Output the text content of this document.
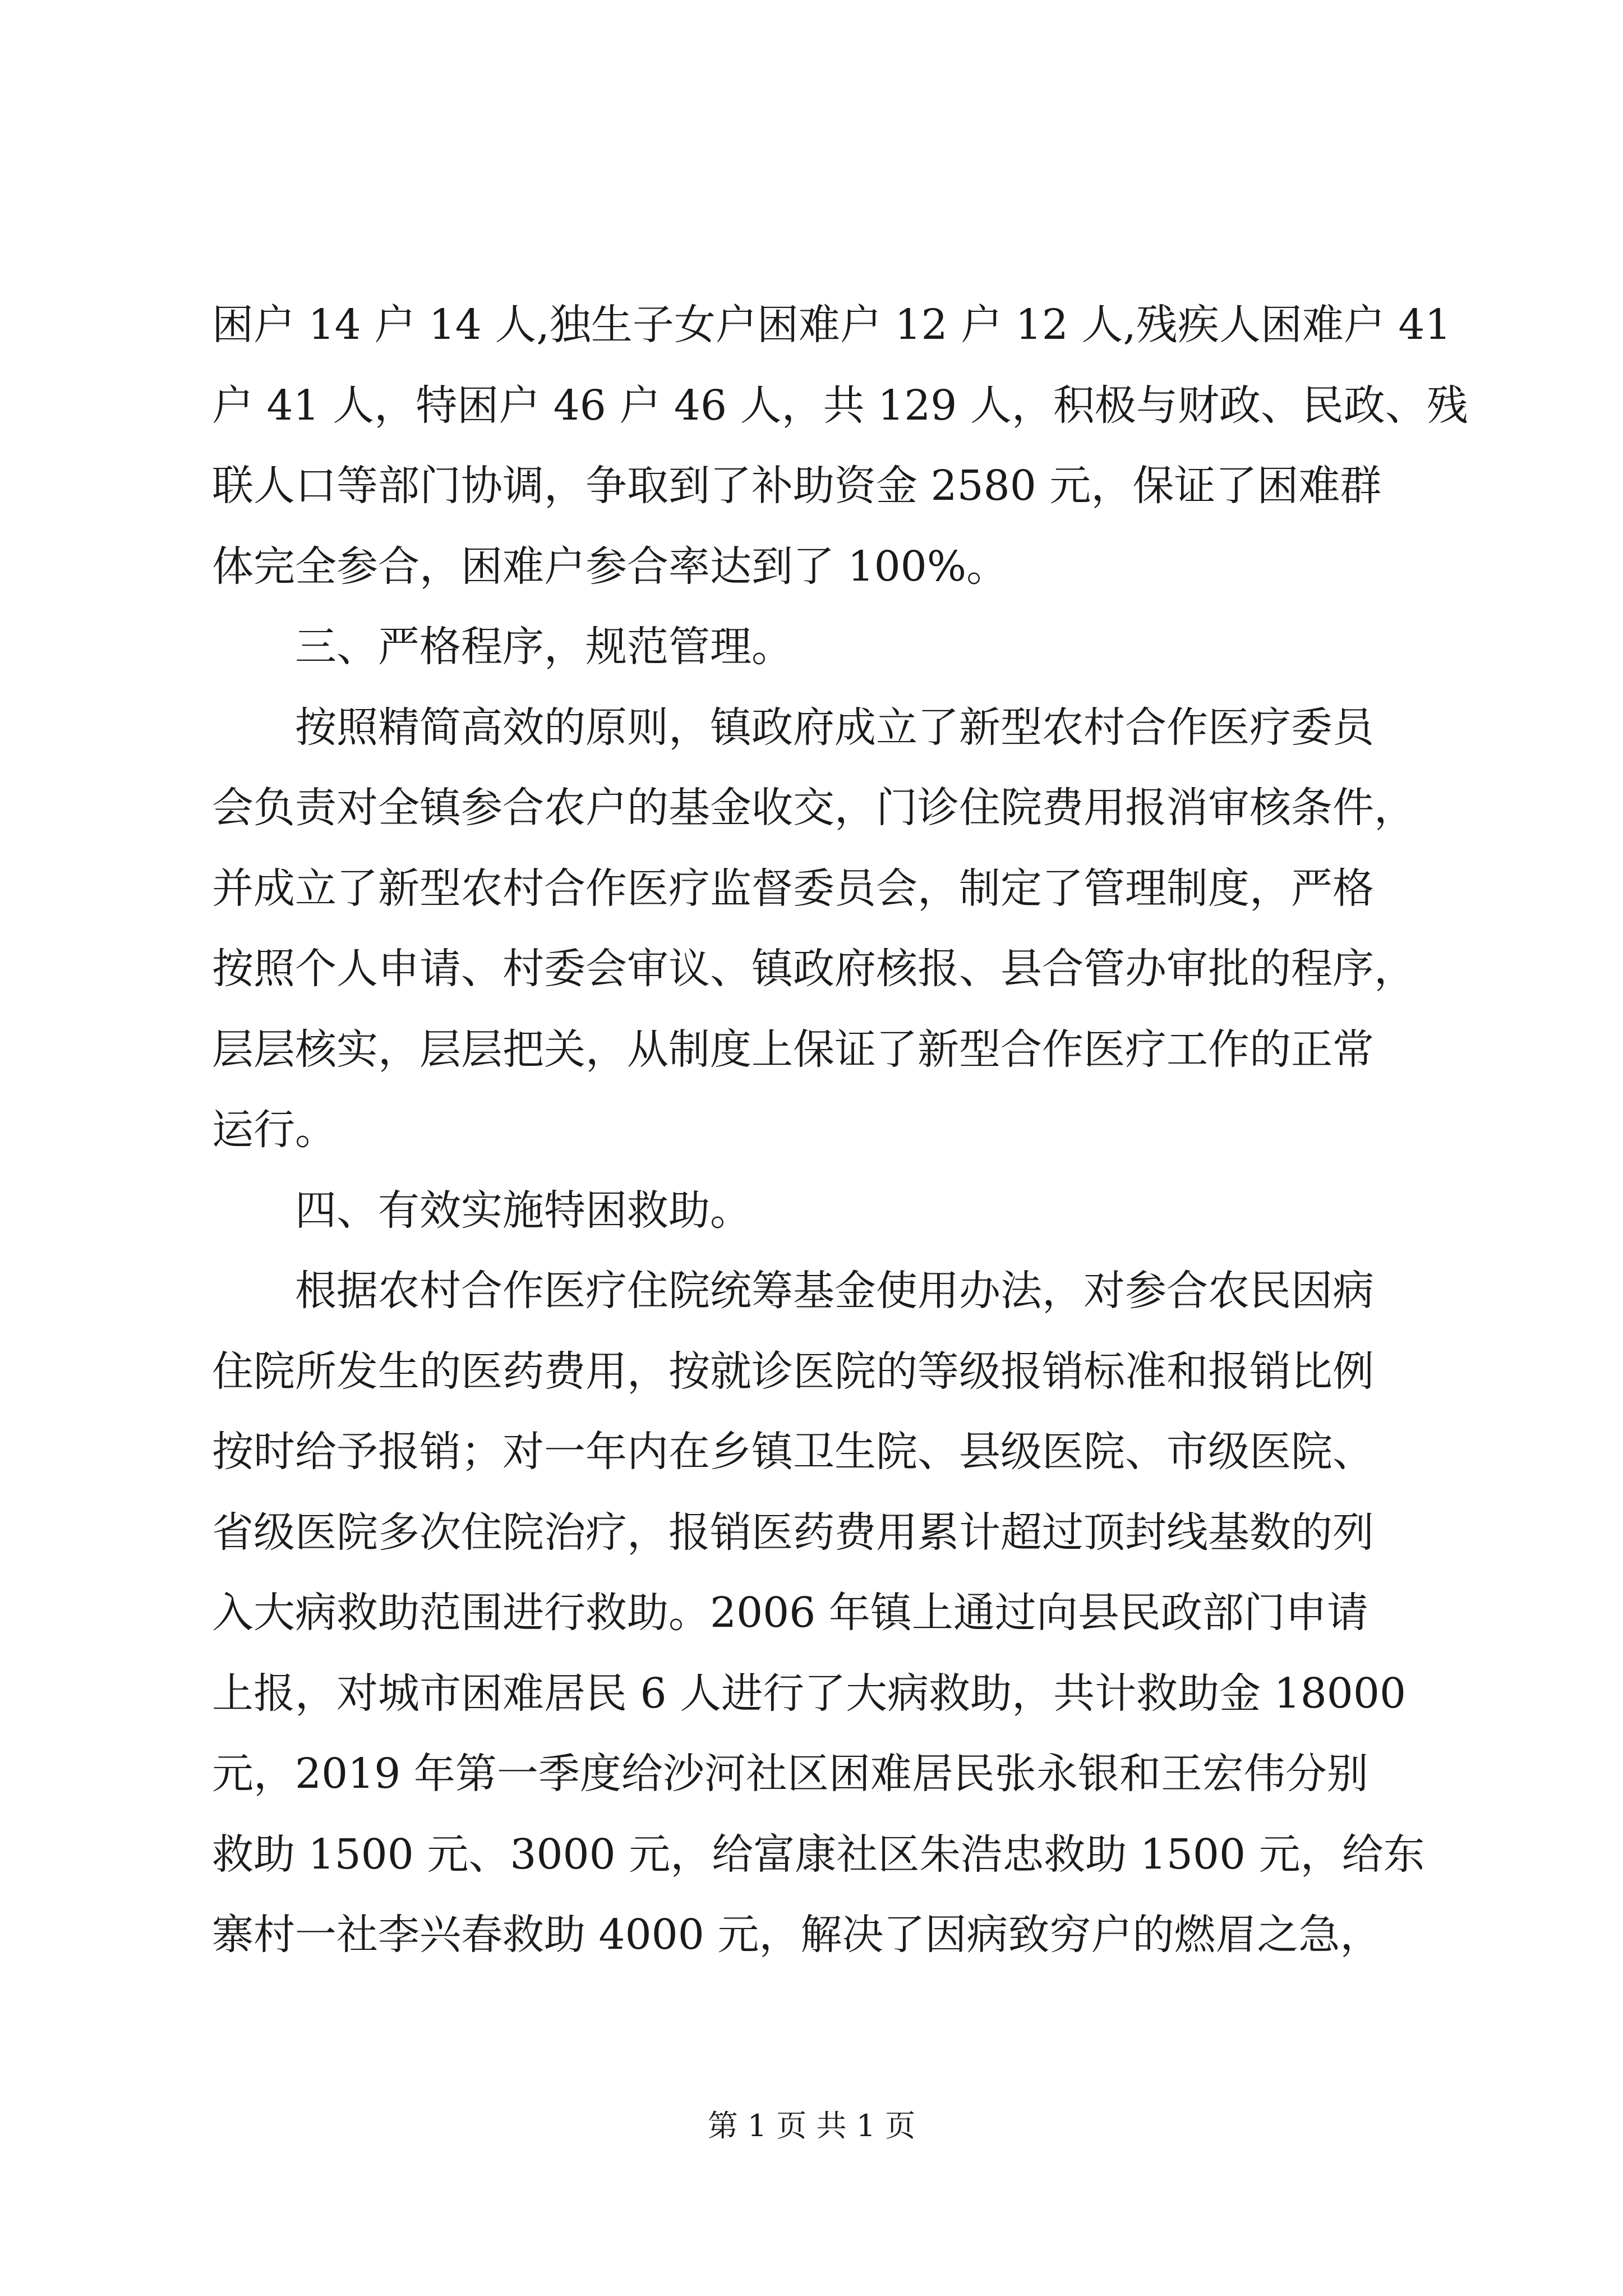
困户 14 户 14 人,独生子女户困难户 12 户 12 人,残疾人困难户 41
户 41 人，特困户 46 户 46 人，共 129 人，积极与财政、民政、残
联人口等部门协调，争取到了补助资金 2580 元，保证了困难群
体完全参合，困难户参合率达到了 100%。
　　三、严格程序，规范管理。
　　按照精简高效的原则，镇政府成立了新型农村合作医疗委员
会负责对全镇参合农户的基金收交，门诊住院费用报消审核条件，
并成立了新型农村合作医疗监督委员会，制定了管理制度，严格
按照个人申请、村委会审议、镇政府核报、县合管办审批的程序，
层层核实，层层把关，从制度上保证了新型合作医疗工作的正常
运行。
　　四、有效实施特困救助。
　　根据农村合作医疗住院统筹基金使用办法，对参合农民因病
住院所发生的医药费用，按就诊医院的等级报销标准和报销比例
按时给予报销；对一年内在乡镇卫生院、县级医院、市级医院、
省级医院多次住院治疗，报销医药费用累计超过顶封线基数的列
入大病救助范围进行救助。2006 年镇上通过向县民政部门申请
上报，对城市困难居民 6 人进行了大病救助，共计救助金 18000
元，2019 年第一季度给沙河社区困难居民张永银和王宏伟分别
救助 1500 元、3000 元，给富康社区朱浩忠救助 1500 元，给东
寨村一社李兴春救助 4000 元，解决了因病致穷户的燃眉之急，
第 1 页 共 1 页
